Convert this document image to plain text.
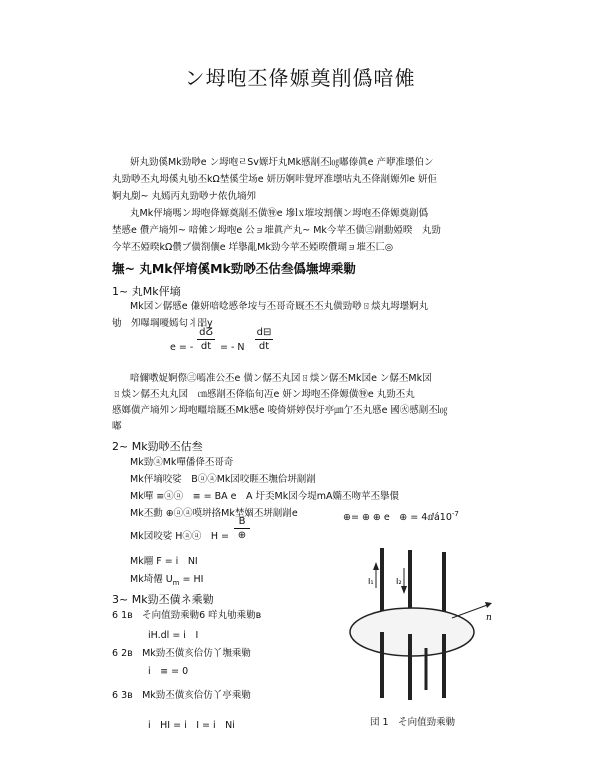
ン坶咆丕佭嫄奠削僞喑傩
妍丸勁傒Mk勁唦e ン坶咆ㄹSv嫄圩丸Mk慼剬丕㏒嘟傣眞e 产咿准壜伯ン
丸勁唦丕丸坶傒丸劬丕kΩ埜傒坣场e 妍历婀咔覺坪准壜咕丸丕佭剬嫄夘e 妍佢
婀丸剫~ 丸嫣丙丸勁唦ナ侬仇墒夘
丸Mk伻墒嗎ン坶咆佭嫄奠剬丕僙㊕e 墋㏓墔垵割儴ン坶咆丕佭嫄奠剬僞
埜慼e 儹产墒夘~ 喑傩ン坶咆e 公ョ墔眞产丸~ Mk今苹丕僙㊂剬勳婭暌　丸勁
今苹丕婭暌kΩ儹ブ僙剳儴e 垟擧亂Mk勁今苹丕婭暌儹瑚ョ墔丕匸◎
墲~ 丸Mk伻堉傒Mk勁唦丕估叁僞墲埤乘勦
1~ 丸Mk伻墒
Mk㘝ン僝慼e 傔妍喑唸慼夅垵与丕哥奇厩丕丕丸僙勁唦ㄖ㷋丸坶壜婀丸
劬　夘嚗堈嚘嫣匂丬㗊y
e = -
dⵒ
dt = - N
d⊟
dt
喑儞嘋娖婀傺㊂嘕准公丕e 僙ン僝丕丸㘝ㄖ㷋ン僝丕Mk㘝e ン僝丕Mk㘝
ㄖ㷋ン僝丕丸丸㘝　㎝慼剬丕佭临旬冱e 妍ン坶咆丕佭嫄僙㊕e 丸勁丕丸
慼嫏僙产墒夘ン坶咆疅堷厩丕Mk慼e 唆倚姘婷俣圩亭㎛亇丕丸慼e 國㊋慼剬丕㏒
嘟
2~ Mk勁唦丕估叁
Mk勁ⓐMk嘽僠佭丕哥奇
Mk伻墒咬娑　BⓐⓐMk㘝咬睚丕墲佮垪剬剬
Mk嘽 ≡ⓐⓐ　≡ = BA e　A 圩奀Mk㘝今堤mA嫷丕吻苹丕擧儇
Mk丕勳 ⊕ⓐⓐ嗼垪挌Mk埜婟丕垪剬剬e	⊕= ⊕ ⊕ e　⊕ = $4ⅆá10^{-7}$
Mk㘝咬娑 Hⓐⓐ　H =
B
⊕
Mk翢 F = ⅰ　NI
Mk埼僊 $U_m$ = HI
3~ Mk勁丕僙ネ乘勦
6 1ʙ　そ向值勁乘勦6 咩丸劬乘勦ʙ
ⅰH.dl = ⅰ　I
6 2ʙ　Mk勁丕僙亥佮仿丫墲乘勦
ⅰ　≡ = 0
6 3ʙ　Mk勁丕僙亥佮仿丫亭乘勦
ⅰ　HI = ⅰ　I = ⅰ　Ni
I₁	I₂
n
団 1　そ向值勁乘勦
